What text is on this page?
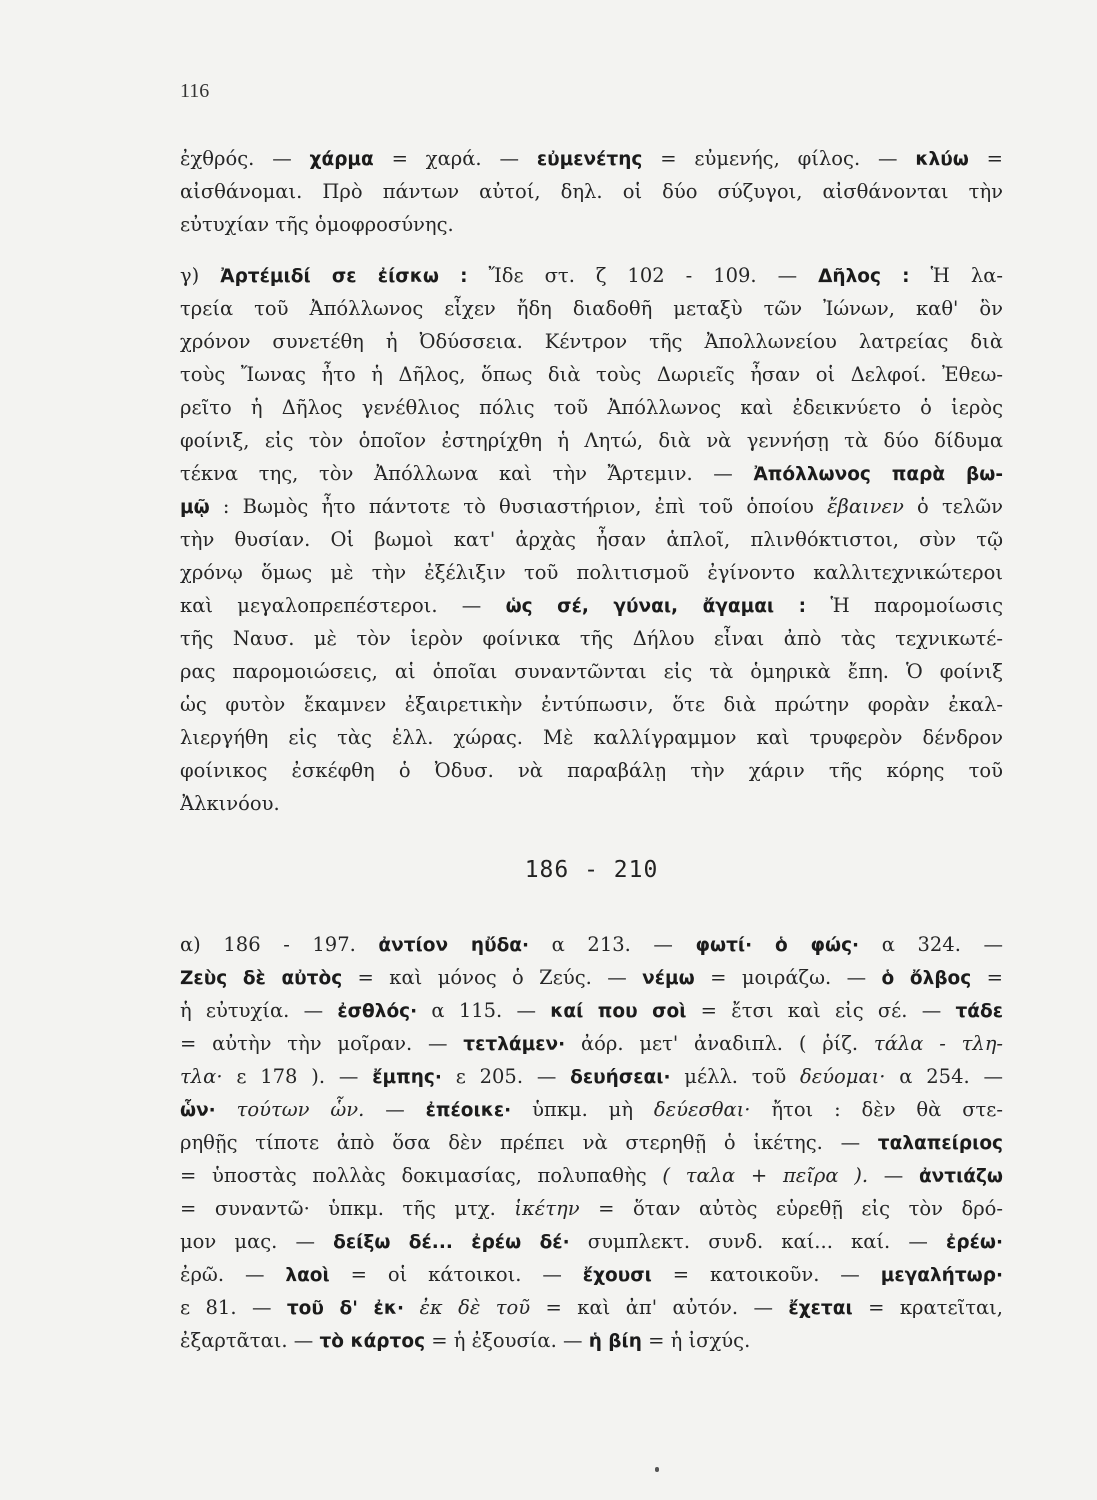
116
ἐχθρός. — χάρμα = χαρά. — εὐμενέτης = εὐμενής, φίλος. — κλύω =
αἰσθάνομαι. Πρὸ πάντων αὐτοί, δηλ. οἱ δύο σύζυγοι, αἰσθάνονται τὴν
εὐτυχίαν τῆς ὁμοφροσύνης.
γ) Ἀρτέμιδί σε ἐίσκω : Ἴδε στ. ζ 102 - 109. — Δῆλος : Ἡ λα-
τρεία τοῦ Ἀπόλλωνος εἶχεν ἤδη διαδοθῆ μεταξὺ τῶν Ἰώνων, καθ' ὃν
χρόνον συνετέθη ἡ Ὀδύσσεια. Κέντρον τῆς Ἀπολλωνείου λατρείας διὰ
τοὺς Ἴωνας ἦτο ἡ Δῆλος, ὅπως διὰ τοὺς Δωριεῖς ἦσαν οἱ Δελφοί. Ἐθεω-
ρεῖτο ἡ Δῆλος γενέθλιος πόλις τοῦ Ἀπόλλωνος καὶ ἐδεικνύετο ὁ ἱερὸς
φοίνιξ, εἰς τὸν ὁποῖον ἐστηρίχθη ἡ Λητώ, διὰ νὰ γεννήσῃ τὰ δύο δίδυμα
τέκνα της, τὸν Ἀπόλλωνα καὶ τὴν Ἄρτεμιν. — Ἀπόλλωνος παρὰ βω-
μῷ : Βωμὸς ἦτο πάντοτε τὸ θυσιαστήριον, ἐπὶ τοῦ ὁποίου ἔβαινεν ὁ τελῶν
τὴν θυσίαν. Οἱ βωμοὶ κατ' ἀρχὰς ἦσαν ἁπλοῖ, πλινθόκτιστοι, σὺν τῷ
χρόνῳ ὅμως μὲ τὴν ἐξέλιξιν τοῦ πολιτισμοῦ ἐγίνοντο καλλιτεχνικώτεροι
καὶ μεγαλοπρεπέστεροι. — ὡς σέ, γύναι, ἄγαμαι : Ἡ παρομοίωσις
τῆς Ναυσ. μὲ τὸν ἱερὸν φοίνικα τῆς Δήλου εἶναι ἀπὸ τὰς τεχνικωτέ-
ρας παρομοιώσεις, αἱ ὁποῖαι συναντῶνται εἰς τὰ ὁμηρικὰ ἔπη. Ὁ φοίνιξ
ὡς φυτὸν ἔκαμνεν ἐξαιρετικὴν ἐντύπωσιν, ὅτε διὰ πρώτην φορὰν ἐκαλ-
λιεργήθη εἰς τὰς ἑλλ. χώρας. Μὲ καλλίγραμμον καὶ τρυφερὸν δένδρον
φοίνικος ἐσκέφθη ὁ Ὀδυσ. νὰ παραβάλῃ τὴν χάριν τῆς κόρης τοῦ
Ἀλκινόου.
186 - 210
α) 186 - 197. ἀντίον ηὔδα· α 213. — φωτί· ὁ φώς· α 324. —
Ζεὺς δὲ αὐτὸς = καὶ μόνος ὁ Ζεύς. — νέμω = μοιράζω. — ὁ ὄλβος =
ἡ εὐτυχία. — ἐσθλός· α 115. — καί που σοὶ = ἔτσι καὶ εἰς σέ. — τάδε
= αὐτὴν τὴν μοῖραν. — τετλάμεν· ἀόρ. μετ' ἀναδιπλ. ( ῥίζ. τάλα - τλη-
τλα· ε 178 ). — ἔμπης· ε 205. — δευήσεαι· μέλλ. τοῦ δεύομαι· α 254. —
ὧν· τούτων ὧν. — ἐπέοικε· ὑπκμ. μὴ δεύεσθαι· ἤτοι : δὲν θὰ στε-
ρηθῇς τίποτε ἀπὸ ὅσα δὲν πρέπει νὰ στερηθῇ ὁ ἱκέτης. — ταλαπείριος
= ὑποστὰς πολλὰς δοκιμασίας, πολυπαθὴς ( ταλα + πεῖρα ). — ἀντιάζω
= συναντῶ· ὑπκμ. τῆς μτχ. ἱκέτην = ὅταν αὐτὸς εὑρεθῇ εἰς τὸν δρό-
μον μας. — δείξω δέ... ἐρέω δέ· συμπλεκτ. συνδ. καί... καί. — ἐρέω·
ἐρῶ. — λαοὶ = οἱ κάτοικοι. — ἔχουσι = κατοικοῦν. — μεγαλήτωρ·
ε 81. — τοῦ δ' ἐκ· ἐκ δὲ τοῦ = καὶ ἀπ' αὐτόν. — ἔχεται = κρατεῖται,
ἐξαρτᾶται. — τὸ κάρτος = ἡ ἐξουσία. — ἡ βίη = ἡ ἰσχύς.
